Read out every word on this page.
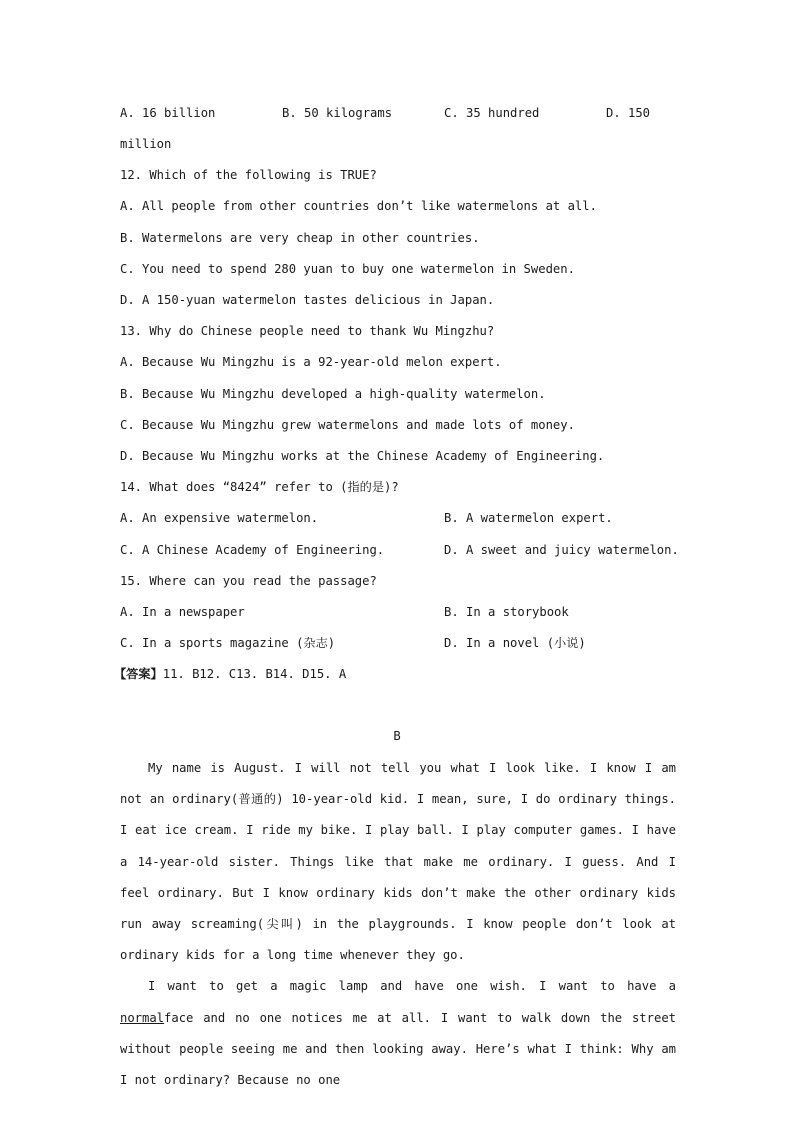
A. 16 billion	B. 50 kilograms	C. 35 hundred	D. 150
million
12. Which of the following is TRUE?
A. All people from other countries don’t like watermelons at all.
B. Watermelons are very cheap in other countries.
C. You need to spend 280 yuan to buy one watermelon in Sweden.
D. A 150-yuan watermelon tastes delicious in Japan.
13. Why do Chinese people need to thank Wu Mingzhu?
A. Because Wu Mingzhu is a 92-year-old melon expert.
B. Because Wu Mingzhu developed a high-quality watermelon.
C. Because Wu Mingzhu grew watermelons and made lots of money.
D. Because Wu Mingzhu works at the Chinese Academy of Engineering.
14. What does “8424” refer to (指的是)?
A. An expensive watermelon.	B. A watermelon expert.
C. A Chinese Academy of Engineering.	D. A sweet and juicy watermelon.
15. Where can you read the passage?
A. In a newspaper	B. In a storybook
C. In a sports magazine (杂志)	D. In a novel (小说)
【答案】11. B12. C13. B14. D15. A
B

My name is August. I will not tell you what I look like. I know I am not an ordinary(普通的) 10-year-old kid. I mean, sure, I do ordinary things. I eat ice cream. I ride my bike. I play ball. I play computer games. I have a 14-year-old sister. Things like that make me ordinary. I guess. And I feel ordinary. But I know ordinary kids don’t make the other ordinary kids run away screaming(尖叫) in the playgrounds. I know people don’t look at ordinary kids for a long time whenever they go.

I want to get a magic lamp and have one wish. I want to have a normalface and no one notices me at all. I want to walk down the street without people seeing me and then looking away. Here’s what I think: Why am I not ordinary? Because no one
